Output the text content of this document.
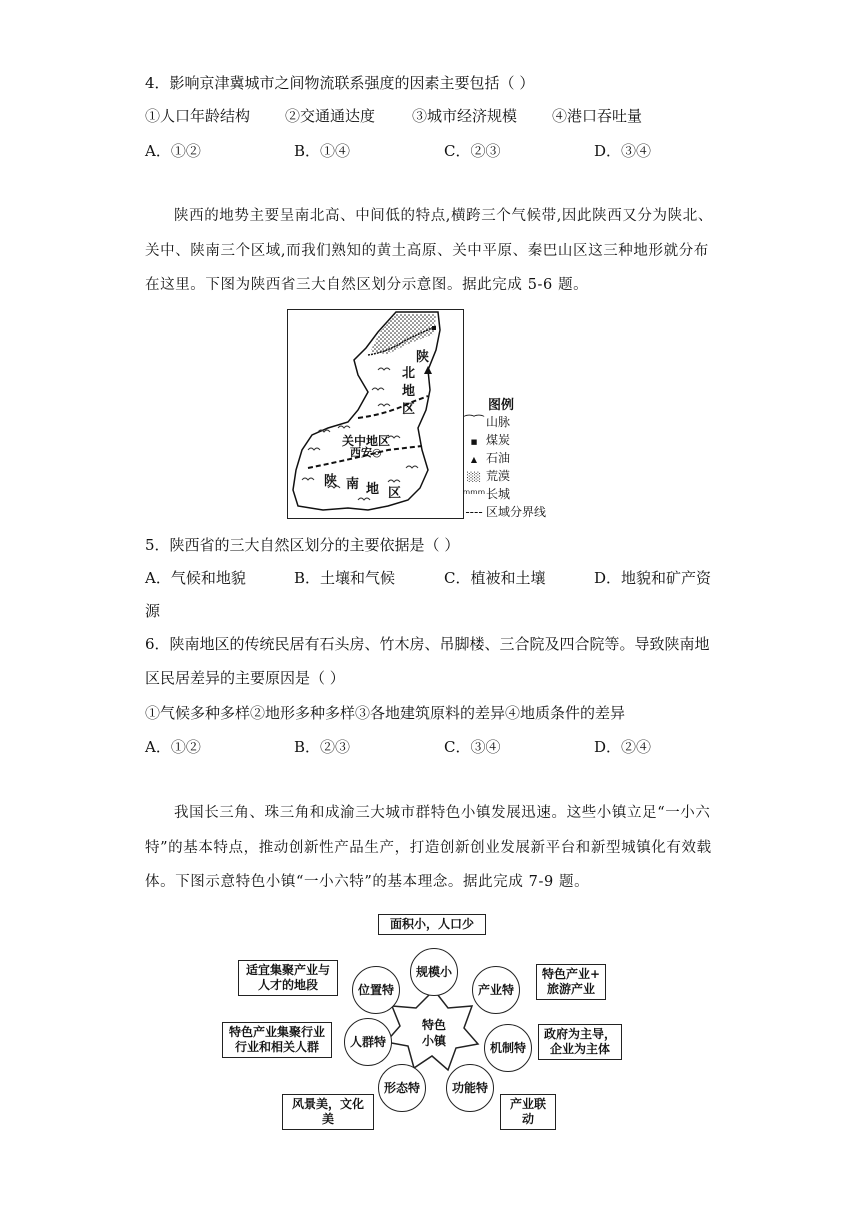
4．影响京津冀城市之间物流联系强度的因素主要包括（ ）
①人口年龄结构 ②交通通达度 ③城市经济规模 ④港口吞吐量
A．①②	B．①④	C．②③	D．③④
陕西的地势主要呈南北高、中间低的特点,横跨三个气候带,因此陕西又分为陕北、
关中、陕南三个区域,而我们熟知的黄土高原、关中平原、秦巴山区这三种地形就分布
在这里。下图为陕西省三大自然区划分示意图。据此完成 5-6 题。
陕
北
地
区
关中地区
西安◎
陕 南 地 区
图例
⁀⁀ 山脉
■ 煤炭
▲ 石油
░░ 荒漠
ᵐᵐᵐ长城
---- 区域分界线
5．陕西省的三大自然区划分的主要依据是（ ）
A．气候和地貌	B．土壤和气候	C．植被和土壤	D．地貌和矿产资
源
6．陕南地区的传统民居有石头房、竹木房、吊脚楼、三合院及四合院等。导致陕南地
区民居差异的主要原因是（ ）
①气候多种多样②地形多种多样③各地建筑原料的差异④地质条件的差异
A．①②	B．②③	C．③④	D．②④
我国长三角、珠三角和成渝三大城市群特色小镇发展迅速。这些小镇立足“一小六
特”的基本特点，推动创新性产品生产，打造创新创业发展新平台和新型城镇化有效载
体。下图示意特色小镇“一小六特”的基本理念。据此完成 7-9 题。
特色
小镇
规模小
产业特
机制特
功能特
形态特
人群特
位置特
面积小，人口少
特色产业+
旅游产业
政府为主导，
企业为主体
产业联动
风景美，文化美
特色产业集聚行业
行业和相关人群
适宜集聚产业与
人才的地段
